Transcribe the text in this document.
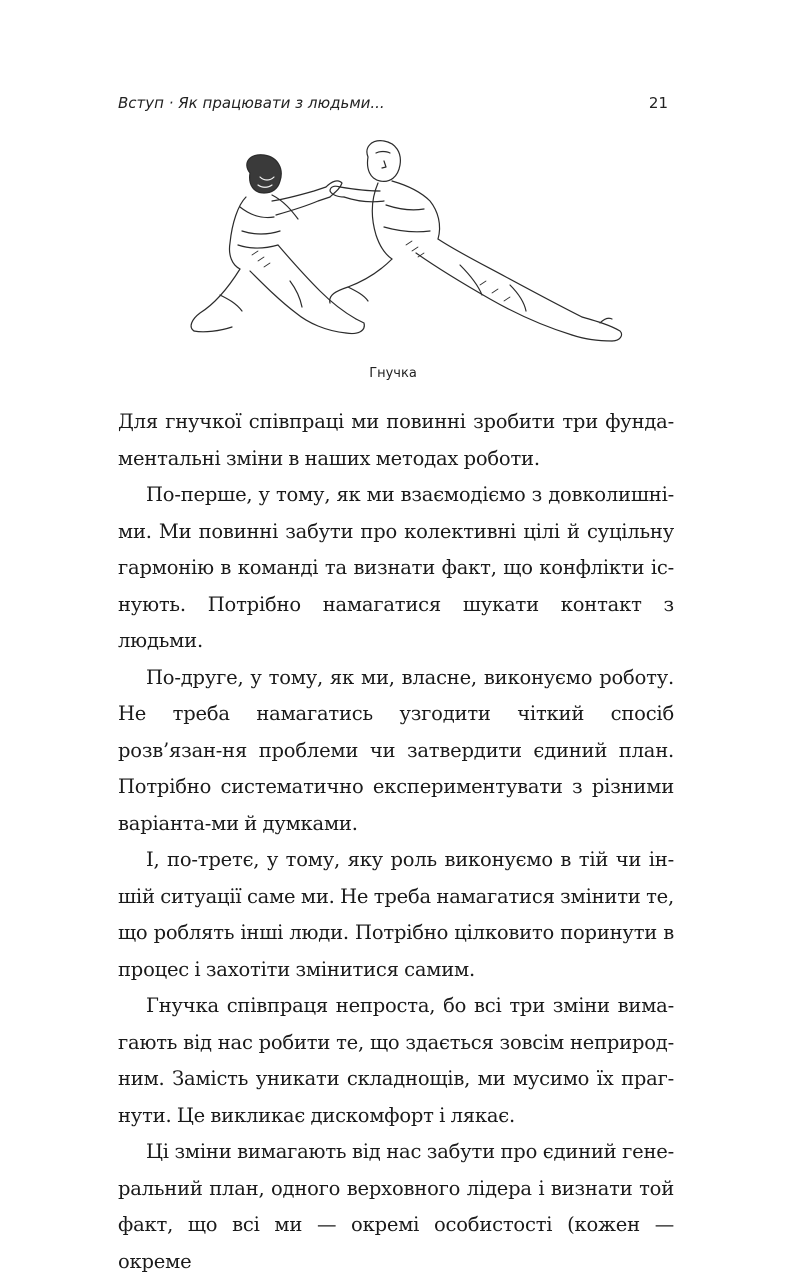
Вступ · Як працювати з людьми...	21
Гнучка

Для гнучкої співпраці ми повинні зробити три фунда-ментальні зміни в наших методах роботи.

По-перше, у тому, як ми взаємодіємо з довколишні-ми. Ми повинні забути про колективні цілі й суцільну гармонію в команді та визнати факт, що конфлікти іс-нують. Потрібно намагатися шукати контакт з людьми.

По-друге, у тому, як ми, власне, виконуємо роботу. Не треба намагатись узгодити чіткий спосіб розв’язан-ня проблеми чи затвердити єдиний план. Потрібно систематично експериментувати з різними варіанта-ми й думками.

І, по-третє, у тому, яку роль виконуємо в тій чи ін-шій ситуації саме ми. Не треба намагатися змінити те, що роблять інші люди. Потрібно цілковито поринути в процес і захотіти змінитися самим.

Гнучка співпраця непроста, бо всі три зміни вима-гають від нас робити те, що здається зовсім неприрод-ним. Замість уникати складнощів, ми мусимо їх праг-нути. Це викликає дискомфорт і лякає.

Ці зміни вимагають від нас забути про єдиний гене-ральний план, одного верховного лідера і визнати той факт, що всі ми — окремі особистості (кожен — окреме
